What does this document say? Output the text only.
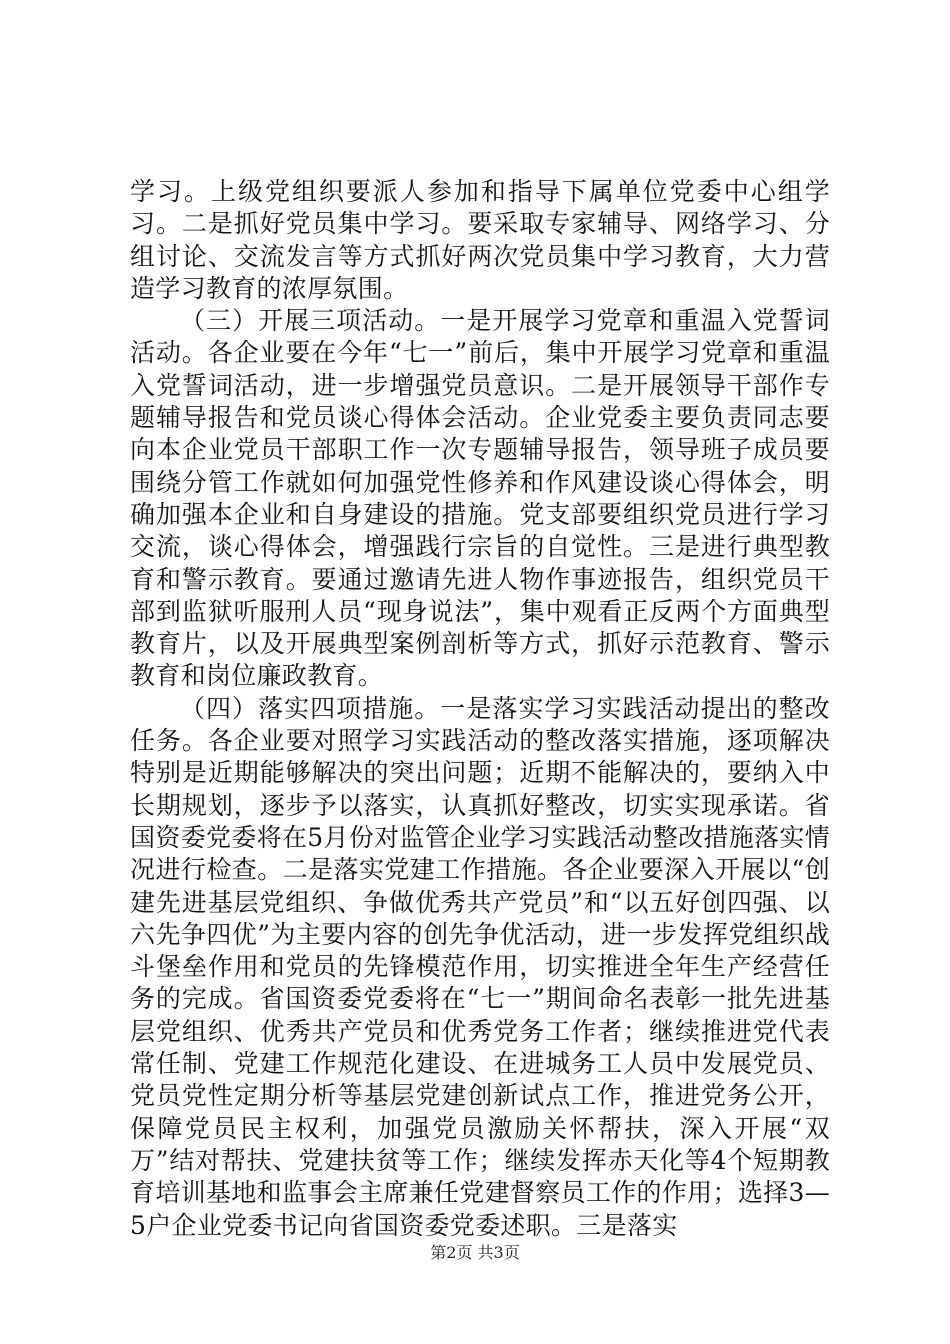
学习。上级党组织要派人参加和指导下属单位党委中心组学习。二是抓好党员集中学习。要采取专家辅导、网络学习、分组讨论、交流发言等方式抓好两次党员集中学习教育，大力营造学习教育的浓厚氛围。

（三）开展三项活动。一是开展学习党章和重温入党誓词活动。各企业要在今年“七一”前后，集中开展学习党章和重温入党誓词活动，进一步增强党员意识。二是开展领导干部作专题辅导报告和党员谈心得体会活动。企业党委主要负责同志要向本企业党员干部职工作一次专题辅导报告，领导班子成员要围绕分管工作就如何加强党性修养和作风建设谈心得体会，明确加强本企业和自身建设的措施。党支部要组织党员进行学习交流，谈心得体会，增强践行宗旨的自觉性。三是进行典型教育和警示教育。要通过邀请先进人物作事迹报告，组织党员干部到监狱听服刑人员“现身说法”，集中观看正反两个方面典型教育片，以及开展典型案例剖析等方式，抓好示范教育、警示教育和岗位廉政教育。

（四）落实四项措施。一是落实学习实践活动提出的整改任务。各企业要对照学习实践活动的整改落实措施，逐项解决特别是近期能够解决的突出问题；近期不能解决的，要纳入中长期规划，逐步予以落实，认真抓好整改，切实实现承诺。省国资委党委将在5月份对监管企业学习实践活动整改措施落实情况进行检查。二是落实党建工作措施。各企业要深入开展以“创建先进基层党组织、争做优秀共产党员”和“以五好创四强、以六先争四优”为主要内容的创先争优活动，进一步发挥党组织战斗堡垒作用和党员的先锋模范作用，切实推进全年生产经营任务的完成。省国资委党委将在“七一”期间命名表彰一批先进基层党组织、优秀共产党员和优秀党务工作者；继续推进党代表常任制、党建工作规范化建设、在进城务工人员中发展党员、党员党性定期分析等基层党建创新试点工作，推进党务公开，保障党员民主权利，加强党员激励关怀帮扶，深入开展“双万”结对帮扶、党建扶贫等工作；继续发挥赤天化等4个短期教育培训基地和监事会主席兼任党建督察员工作的作用；选择3—5户企业党委书记向省国资委党委述职。三是落实

第2页 共3页
